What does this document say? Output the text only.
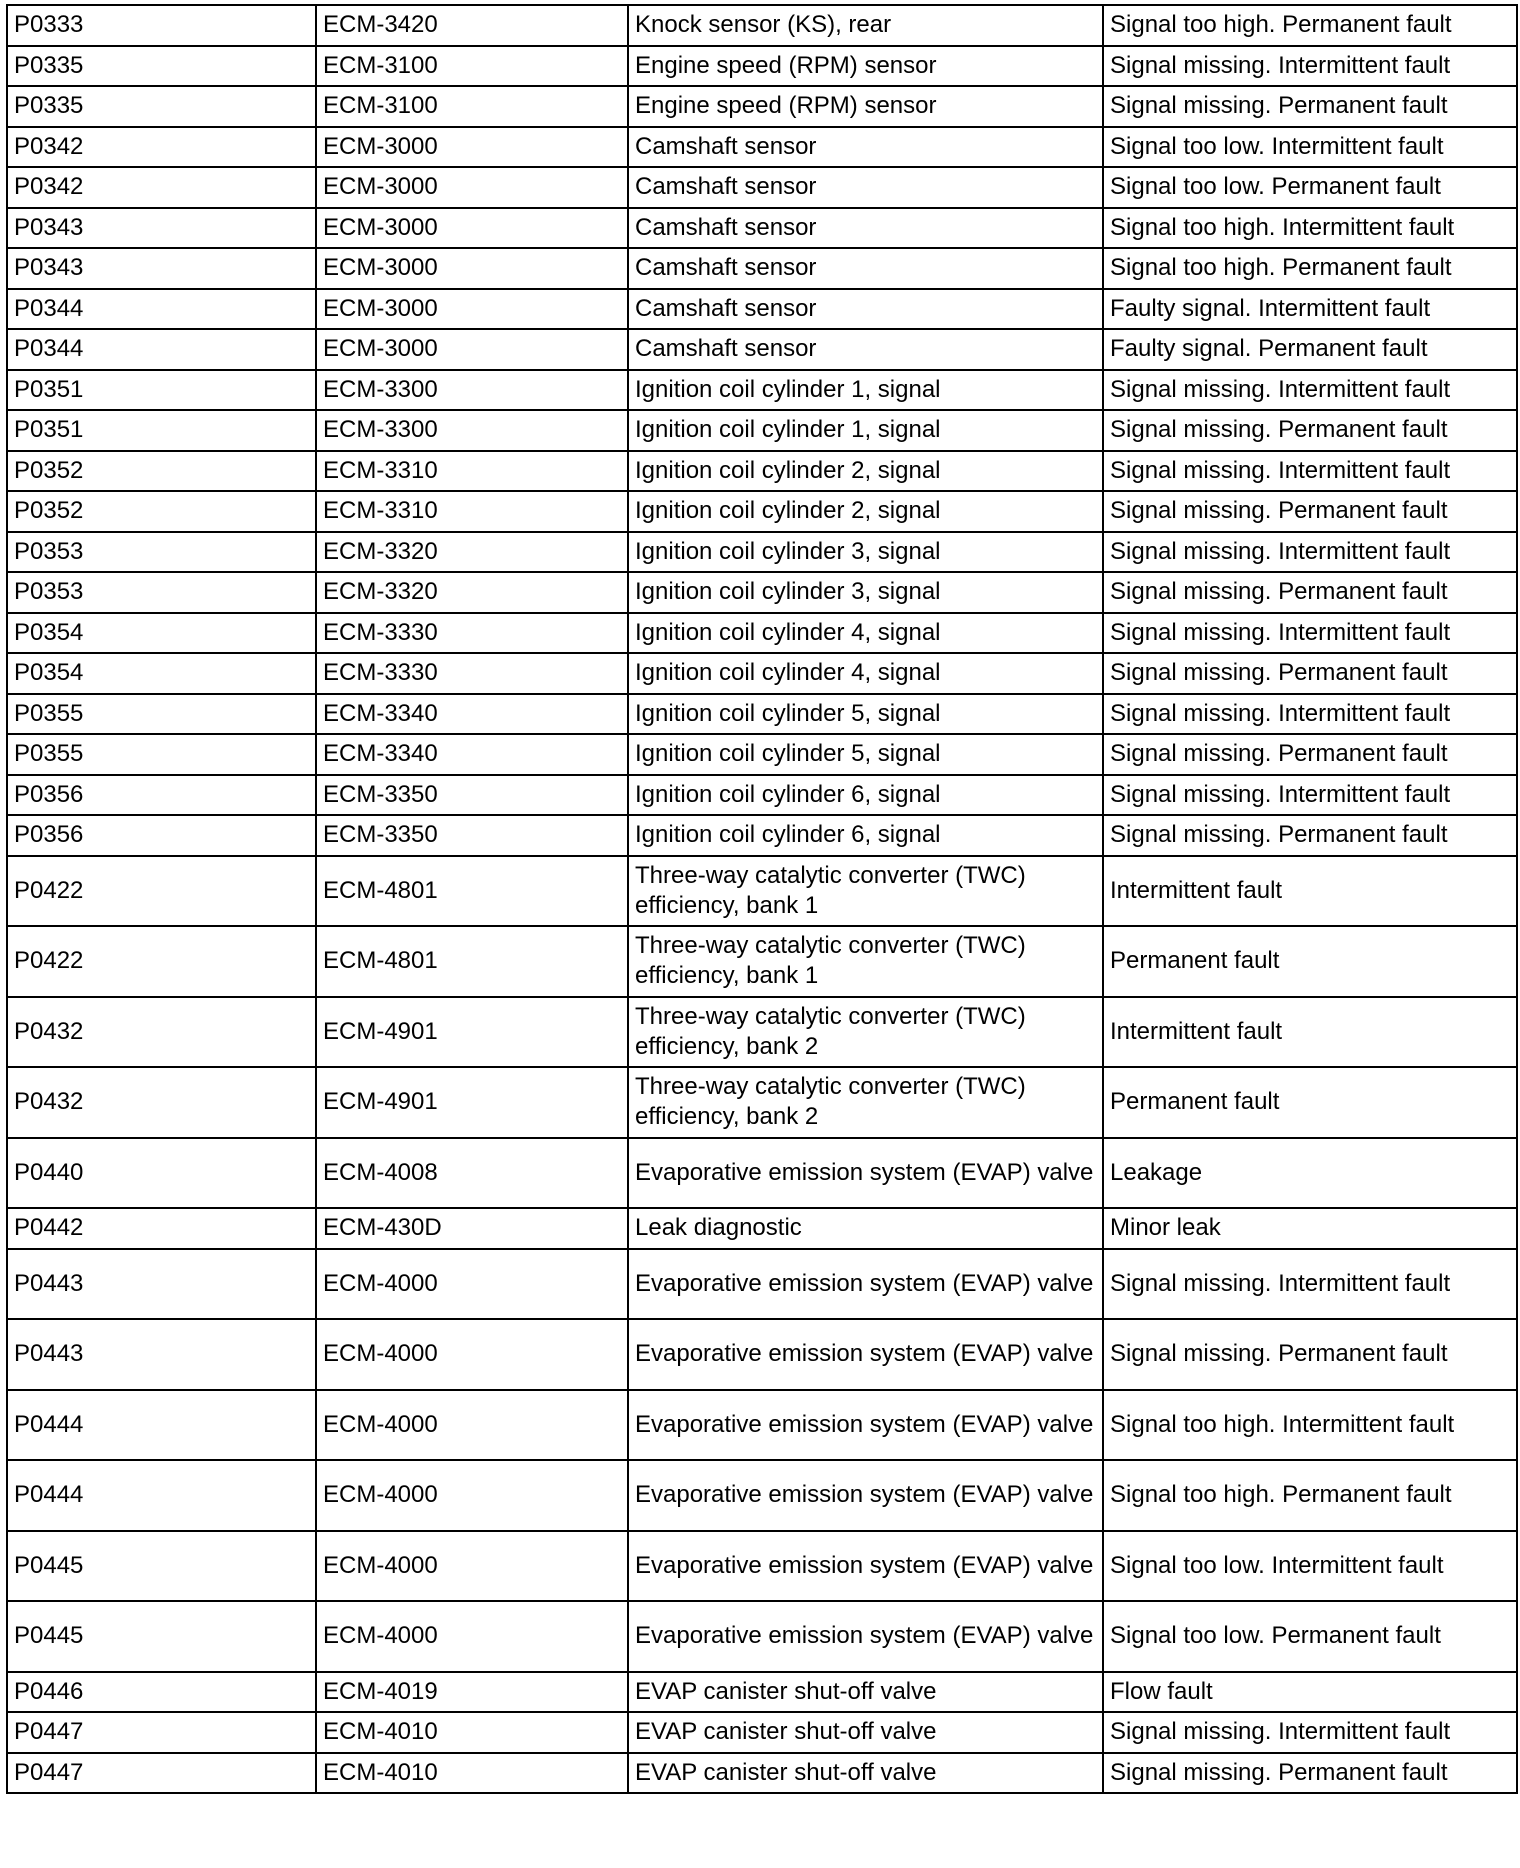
P0333	ECM-3420	Knock sensor (KS), rear	Signal too high. Permanent fault
P0335	ECM-3100	Engine speed (RPM) sensor	Signal missing. Intermittent fault
P0335	ECM-3100	Engine speed (RPM) sensor	Signal missing. Permanent fault
P0342	ECM-3000	Camshaft sensor	Signal too low. Intermittent fault
P0342	ECM-3000	Camshaft sensor	Signal too low. Permanent fault
P0343	ECM-3000	Camshaft sensor	Signal too high. Intermittent fault
P0343	ECM-3000	Camshaft sensor	Signal too high. Permanent fault
P0344	ECM-3000	Camshaft sensor	Faulty signal. Intermittent fault
P0344	ECM-3000	Camshaft sensor	Faulty signal. Permanent fault
P0351	ECM-3300	Ignition coil cylinder 1, signal	Signal missing. Intermittent fault
P0351	ECM-3300	Ignition coil cylinder 1, signal	Signal missing. Permanent fault
P0352	ECM-3310	Ignition coil cylinder 2, signal	Signal missing. Intermittent fault
P0352	ECM-3310	Ignition coil cylinder 2, signal	Signal missing. Permanent fault
P0353	ECM-3320	Ignition coil cylinder 3, signal	Signal missing. Intermittent fault
P0353	ECM-3320	Ignition coil cylinder 3, signal	Signal missing. Permanent fault
P0354	ECM-3330	Ignition coil cylinder 4, signal	Signal missing. Intermittent fault
P0354	ECM-3330	Ignition coil cylinder 4, signal	Signal missing. Permanent fault
P0355	ECM-3340	Ignition coil cylinder 5, signal	Signal missing. Intermittent fault
P0355	ECM-3340	Ignition coil cylinder 5, signal	Signal missing. Permanent fault
P0356	ECM-3350	Ignition coil cylinder 6, signal	Signal missing. Intermittent fault
P0356	ECM-3350	Ignition coil cylinder 6, signal	Signal missing. Permanent fault
P0422	ECM-4801	Three-way catalytic converter (TWC) efficiency, bank 1	Intermittent fault
P0422	ECM-4801	Three-way catalytic converter (TWC) efficiency, bank 1	Permanent fault
P0432	ECM-4901	Three-way catalytic converter (TWC) efficiency, bank 2	Intermittent fault
P0432	ECM-4901	Three-way catalytic converter (TWC) efficiency, bank 2	Permanent fault
P0440	ECM-4008	Evaporative emission system (EVAP) valve	Leakage
P0442	ECM-430D	Leak diagnostic	Minor leak
P0443	ECM-4000	Evaporative emission system (EVAP) valve	Signal missing. Intermittent fault
P0443	ECM-4000	Evaporative emission system (EVAP) valve	Signal missing. Permanent fault
P0444	ECM-4000	Evaporative emission system (EVAP) valve	Signal too high. Intermittent fault
P0444	ECM-4000	Evaporative emission system (EVAP) valve	Signal too high. Permanent fault
P0445	ECM-4000	Evaporative emission system (EVAP) valve	Signal too low. Intermittent fault
P0445	ECM-4000	Evaporative emission system (EVAP) valve	Signal too low. Permanent fault
P0446	ECM-4019	EVAP canister shut-off valve	Flow fault
P0447	ECM-4010	EVAP canister shut-off valve	Signal missing. Intermittent fault
P0447	ECM-4010	EVAP canister shut-off valve	Signal missing. Permanent fault
